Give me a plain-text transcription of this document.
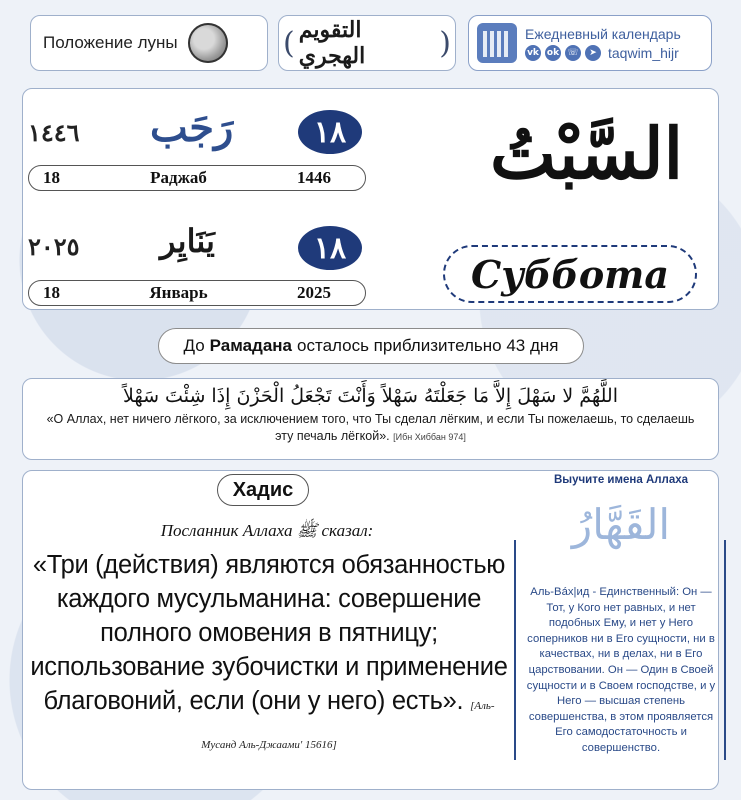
Положение луны	( التقويم الهجري	)	Ежедневный календарь
vk ok ☏	➤ taqwim_hijr
١٤٤٦ رَجَب	١٨
18	Раджаб	1446
٢٠٢٥	يَنَايِر	١٨
18	Январь	2025
السَّبْتُ
Суббота
До Рамадана осталось приблизительно 43 дня
اللَّهُمَّ لا سَهْلَ إِلاَّ مَا جَعَلْتَهُ سَهْلاً وَأَنْتَ تَجْعَلُ الْحَزْنَ إِذَا شِئْتَ سَهْلاً
«О Аллах, нет ничего лёгкого, за исключением того, что Ты сделал лёгким, и если Ты пожелаешь, то сделаешь эту печаль лёгкой». [Ибн Хиббан 974]
Хадис
Посланник Аллаха ﷺ сказал:
«Три (действия) являются обязанностью каждого мусульманина: совершение полного омовения в пятницу; использование зубочистки и применение благовоний, если (они у него) есть». [Аль-Мусанд Аль-Джаами' 15616]
Выучите имена Аллаха
القَهَّارُ
Аль-Ва́х|ид - Единственный: Он — Тот, у Кого нет равных, и нет подобных Ему, и нет у Него соперников ни в Его сущности, ни в качествах, ни в делах, ни в Его царствовании. Он — Один в Своей сущности и в Своем господстве, и у Него — высшая степень совершенства, в этом проявляется Его самодостаточность и совершенство.
